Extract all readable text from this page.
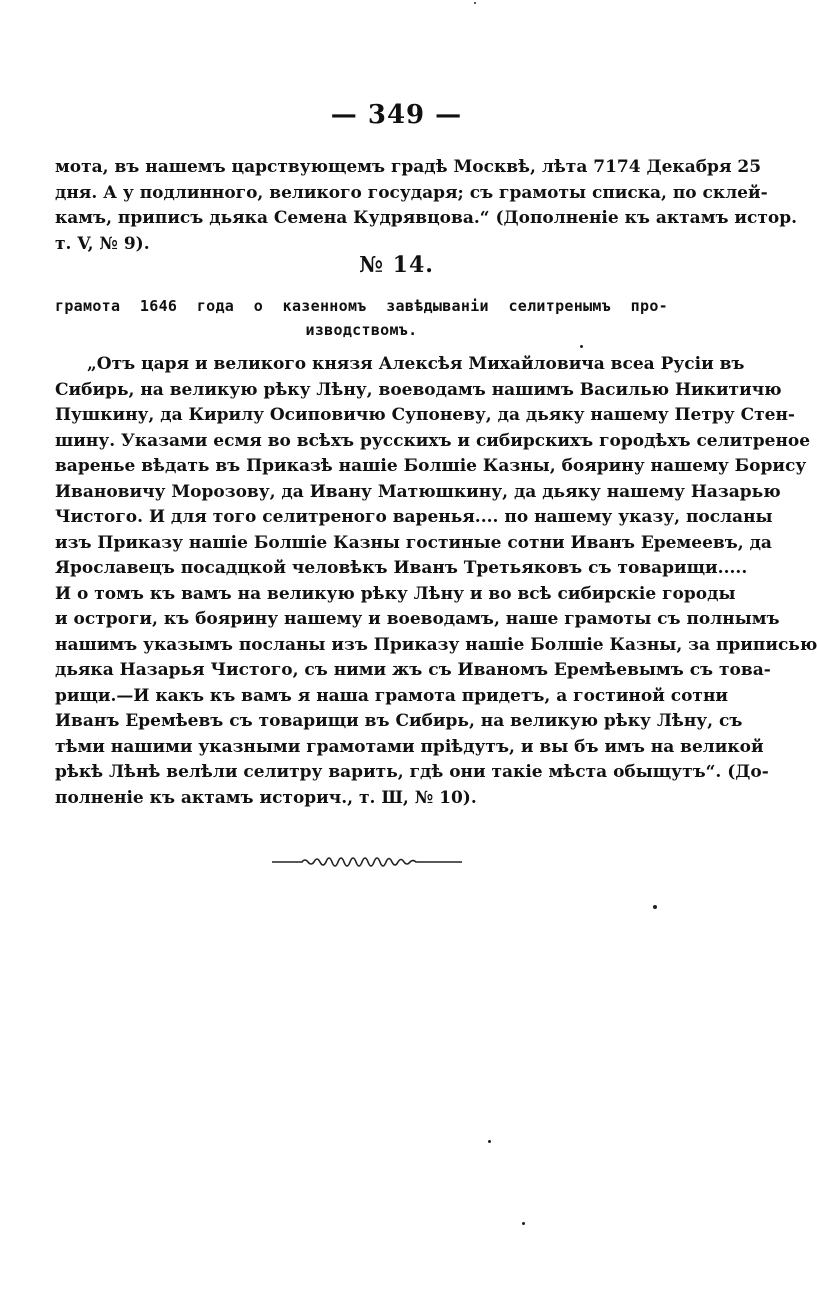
— 349 —
мота, въ нашемъ царствующемъ градѣ Москвѣ, лѣта 7174 Декабря 25
дня. А у подлинного, великого государя; съ грамоты списка, по склей-
камъ, приписъ дьяка Семена Кудрявцова.“ (Дополненіе къ актамъ истор.
т. V, № 9).
№ 14.
грамота 1646 года о казенномъ завѣдываніи селитренымъ про-
изводствомъ.
„Отъ царя и великого князя Алексѣя Михайловича всеа Русіи въ
Сибирь, на великую рѣку Лѣну, воеводамъ нашимъ Василью Никитичю
Пушкину, да Кирилу Осиповичю Супоневу, да дьяку нашему Петру Стен-
шину. Указами есмя во всѣхъ русскихъ и сибирскихъ городѣхъ селитреное
варенье вѣдать въ Приказѣ нашіе Болшіе Казны, боярину нашему Борису
Ивановичу Морозову, да Ивану Матюшкину, да дьяку нашему Назарью
Чистого. И для того селитреного варенья.... по нашему указу, посланы
изъ Приказу нашіе Болшіе Казны гостиные сотни Иванъ Еремеевъ, да
Ярославецъ посадцкой человѣкъ Иванъ Третьяковъ съ товарищи.....
И о томъ къ вамъ на великую рѣку Лѣну и во всѣ сибирскіе городы
и остроги, къ боярину нашему и воеводамъ, наше грамоты съ полнымъ
нашимъ указымъ посланы изъ Приказу нашіе Болшіе Казны, за приписью
дьяка Назарья Чистого, съ ними жъ съ Иваномъ Еремѣевымъ съ това-
рищи.—И какъ къ вамъ я наша грамота придетъ, а гостиной сотни
Иванъ Еремѣевъ съ товарищи въ Сибирь, на великую рѣку Лѣну, съ
тѣми нашими указными грамотами пріѣдутъ, и вы бъ имъ на великой
рѣкѣ Лѣнѣ велѣли селитру варить, гдѣ они такіе мѣста обыщутъ“. (До-
полненіе къ актамъ историч., т. Ш, № 10).
